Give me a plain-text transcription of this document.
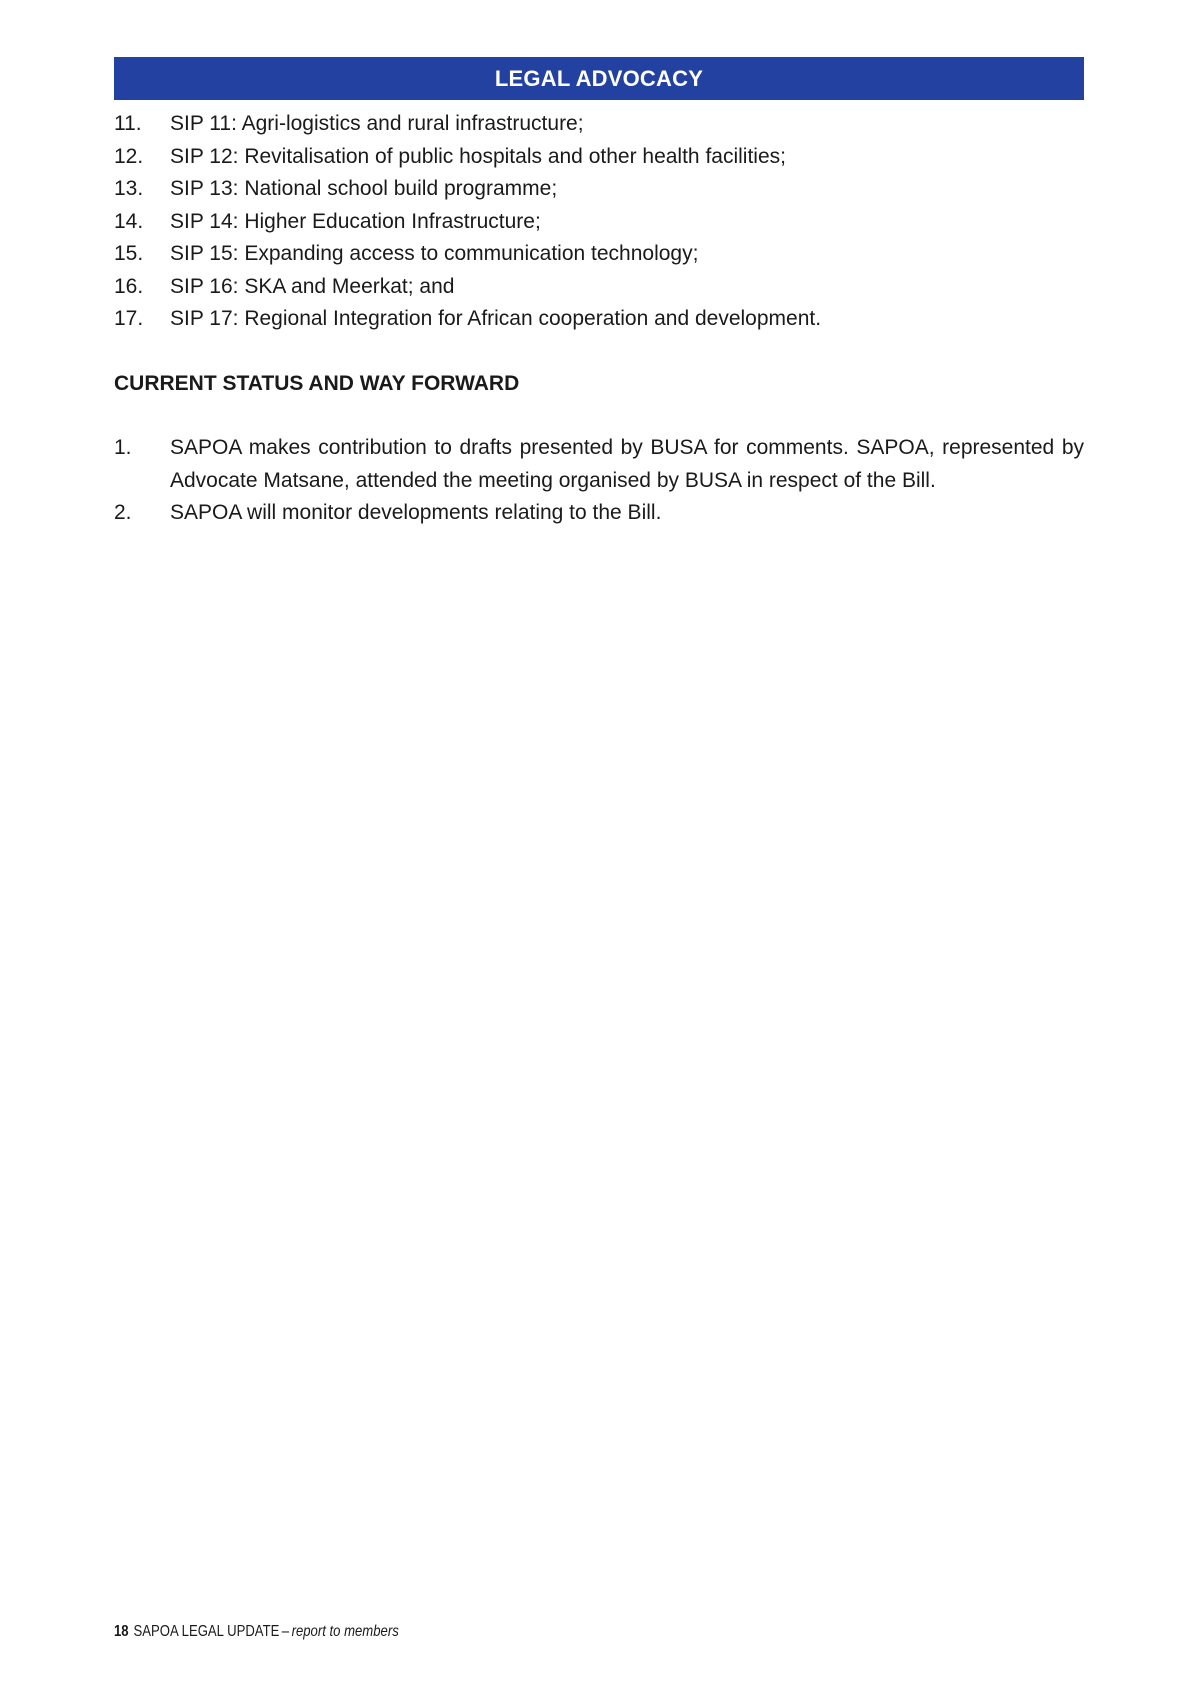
LEGAL ADVOCACY
11.	SIP 11: Agri-logistics and rural infrastructure;
12.	SIP 12: Revitalisation of public hospitals and other health facilities;
13.	SIP 13: National school build programme;
14.	SIP 14: Higher Education Infrastructure;
15.	SIP 15: Expanding access to communication technology;
16.	SIP 16: SKA and Meerkat; and
17.	SIP 17: Regional Integration for African cooperation and development.
CURRENT STATUS AND WAY FORWARD
1.	SAPOA makes contribution to drafts presented by BUSA for comments. SAPOA, represented by Advocate Matsane, attended the meeting organised by BUSA in respect of the Bill.
2.	SAPOA will monitor developments relating to the Bill.
18 SAPOA LEGAL UPDATE – report to members
